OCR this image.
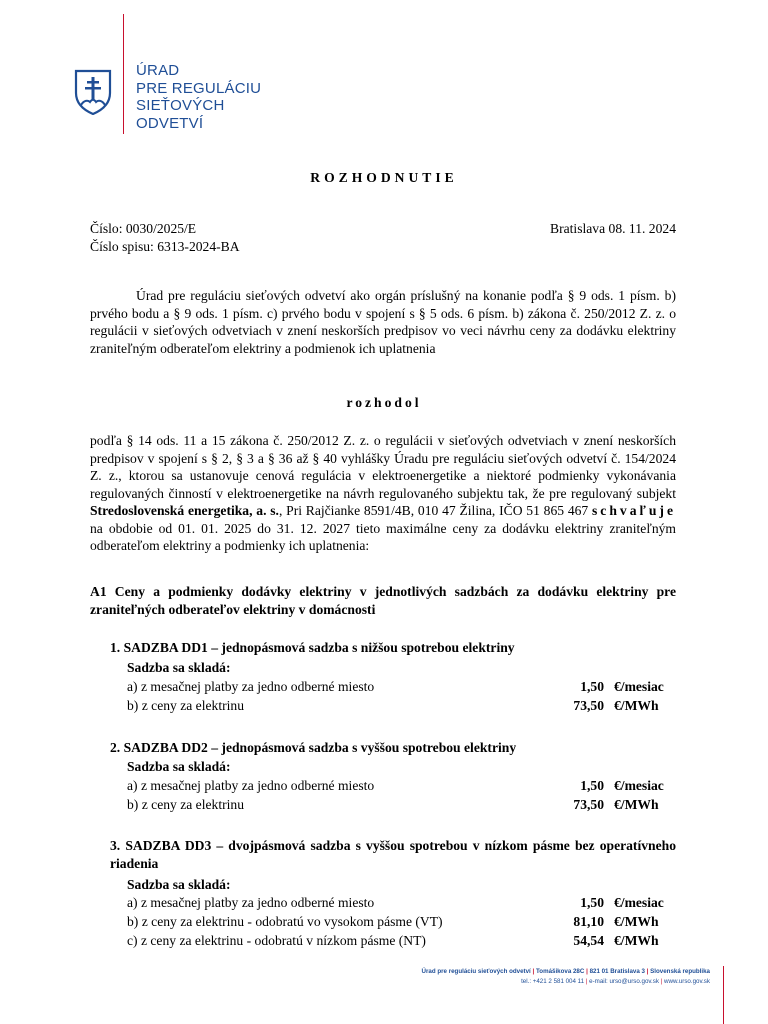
ÚRAD
PRE REGULÁCIU
SIEŤOVÝCH
ODVETVÍ
ROZHODNUTIE
Číslo: 0030/2025/E
Číslo spisu: 6313-2024-BA
Bratislava 08. 11. 2024

Úrad pre reguláciu sieťových odvetví ako orgán príslušný na konanie podľa § 9 ods. 1 písm. b) prvého bodu a § 9 ods. 1 písm. c) prvého bodu v spojení s § 5 ods. 6 písm. b) zákona č. 250/2012 Z. z. o regulácii v sieťových odvetviach v znení neskorších predpisov vo veci návrhu ceny za dodávku elektriny zraniteľným odberateľom elektriny a podmienok ich uplatnenia

rozhodol

podľa § 14 ods. 11 a 15 zákona č. 250/2012 Z. z. o regulácii v sieťových odvetviach v znení neskorších predpisov v spojení s § 2, § 3 a § 36 až § 40 vyhlášky Úradu pre reguláciu sieťových odvetví č. 154/2024 Z. z., ktorou sa ustanovuje cenová regulácia v elektroenergetike a niektoré podmienky vykonávania regulovaných činností v elektroenergetike na návrh regulovaného subjektu tak, že pre regulovaný subjekt Stredoslovenská energetika, a. s., Pri Rajčianke 8591/4B, 010 47 Žilina, IČO 51 865 467 schvaľuje na obdobie od 01. 01. 2025 do 31. 12. 2027 tieto maximálne ceny za dodávku elektriny zraniteľným odberateľom elektriny a podmienky ich uplatnenia:

A1 Ceny a podmienky dodávky elektriny v jednotlivých sadzbách za dodávku elektriny pre zraniteľných odberateľov elektriny v domácnosti

1. SADZBA DD1 – jednopásmová sadzba s nižšou spotrebou elektriny
Sadzba sa skladá:
a) z mesačnej platby za jedno odberné miesto	1,50 €/mesiac
b) z ceny za elektrinu	73,50 €/MWh
2. SADZBA DD2 – jednopásmová sadzba s vyššou spotrebou elektriny
Sadzba sa skladá:
a) z mesačnej platby za jedno odberné miesto	1,50 €/mesiac
b) z ceny za elektrinu	73,50 €/MWh
3. SADZBA DD3 – dvojpásmová sadzba s vyššou spotrebou v nízkom pásme bez operatívneho riadenia
Sadzba sa skladá:
a) z mesačnej platby za jedno odberné miesto	1,50 €/mesiac
b) z ceny za elektrinu - odobratú vo vysokom pásme (VT)	81,10 €/MWh
c) z ceny za elektrinu - odobratú v nízkom pásme (NT)	54,54 €/MWh
Úrad pre reguláciu sieťových odvetví | Tomášikova 28C | 821 01 Bratislava 3 | Slovenská republika
tel.: +421 2 581 004 11 | e-mail: urso@urso.gov.sk | www.urso.gov.sk
